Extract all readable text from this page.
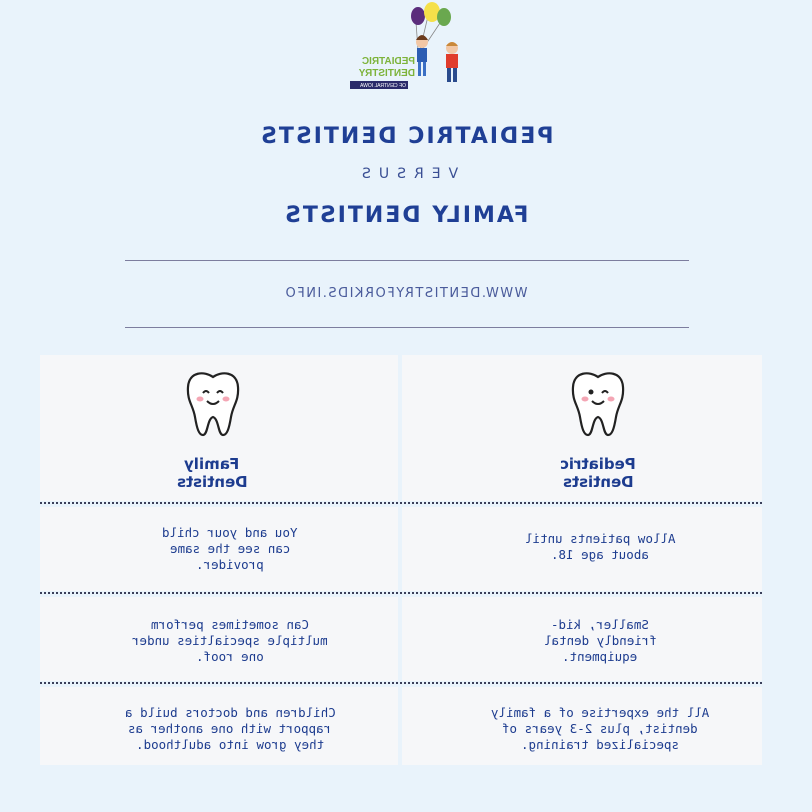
PEDIATRIC
DENTISTRY
OF CENTRAL IOWA
PEDIATRIC DENTISTS
VERSUS
FAMILY DENTISTS
WWW.DENTISTRYFORKIDS.INFO
Family
Dentists
Pediatric
Dentists
You and your child
can see the same
provider.
Can sometimes perform
multiple specialties under
one roof.
Children and doctors build a
rapport with one another as
they grow into adulthood.
Allow patients until
about age 18.
Smaller, kid-
friendly dental
equipment.
All the expertise of a family
dentist, plus 2-3 years of
specialized training.
